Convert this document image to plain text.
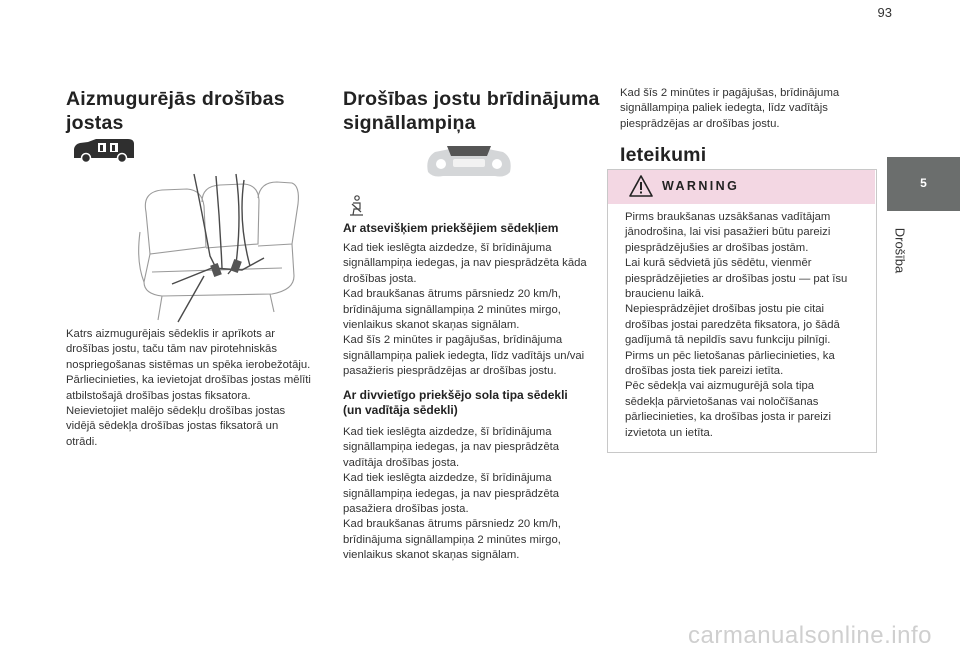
93
5
Drošība
Aizmugurējās drošības
jostas
Katrs aizmugurējais sēdeklis ir aprīkots ar
drošības jostu, taču tām nav pirotehniskās
nospriegošanas sistēmas un spēka ierobežotāju.
Pārliecinieties, ka ievietojat drošības jostas mēlīti
atbilstošajā drošības jostas fiksatora.
Neievietojiet malējo sēdekļu drošības jostas
vidējā sēdekļa drošības jostas fiksatorā un
otrādi.
Drošības jostu brīdinājuma
signāllampiņa
Ar atsevišķiem priekšējiem sēdekļiem
Kad tiek ieslēgta aizdedze, šī brīdinājuma
signāllampiņa iedegas, ja nav piesprādzēta kāda
drošības josta.
Kad braukšanas ātrums pārsniedz 20 km/h,
brīdinājuma signāllampiņa 2 minūtes mirgo,
vienlaikus skanot skaņas signālam.
Kad šīs 2 minūtes ir pagājušas, brīdinājuma
signāllampiņa paliek iedegta, līdz vadītājs un/vai
pasažieris piesprādzējas ar drošības jostu.
Ar divvietīgo priekšējo sola tipa sēdekli
(un vadītāja sēdekli)
Kad tiek ieslēgta aizdedze, šī brīdinājuma
signāllampiņa iedegas, ja nav piesprādzēta
vadītāja drošības josta.
Kad tiek ieslēgta aizdedze, šī brīdinājuma
signāllampiņa iedegas, ja nav piesprādzēta
pasažiera drošības josta.
Kad braukšanas ātrums pārsniedz 20 km/h,
brīdinājuma signāllampiņa 2 minūtes mirgo,
vienlaikus skanot skaņas signālam.
Kad šīs 2 minūtes ir pagājušas, brīdinājuma
signāllampiņa paliek iedegta, līdz vadītājs
piesprādzējas ar drošības jostu.
Ieteikumi
WARNING
Pirms braukšanas uzsākšanas vadītājam
jānodrošina, lai visi pasažieri būtu pareizi
piesprādzējušies ar drošības jostām.
Lai kurā sēdvietā jūs sēdētu, vienmēr
piesprādzējieties ar drošības jostu — pat īsu
braucienu laikā.
Nepiesprādzējiet drošības jostu pie citai
drošības jostai paredzēta fiksatora, jo šādā
gadījumā tā nepildīs savu funkciju pilnīgi.
Pirms un pēc lietošanas pārliecinieties, ka
drošības josta tiek pareizi ietīta.
Pēc sēdekļa vai aizmugurējā sola tipa
sēdekļa pārvietošanas vai noločīšanas
pārliecinieties, ka drošības josta ir pareizi
izvietota un ietīta.
carmanualsonline.info
